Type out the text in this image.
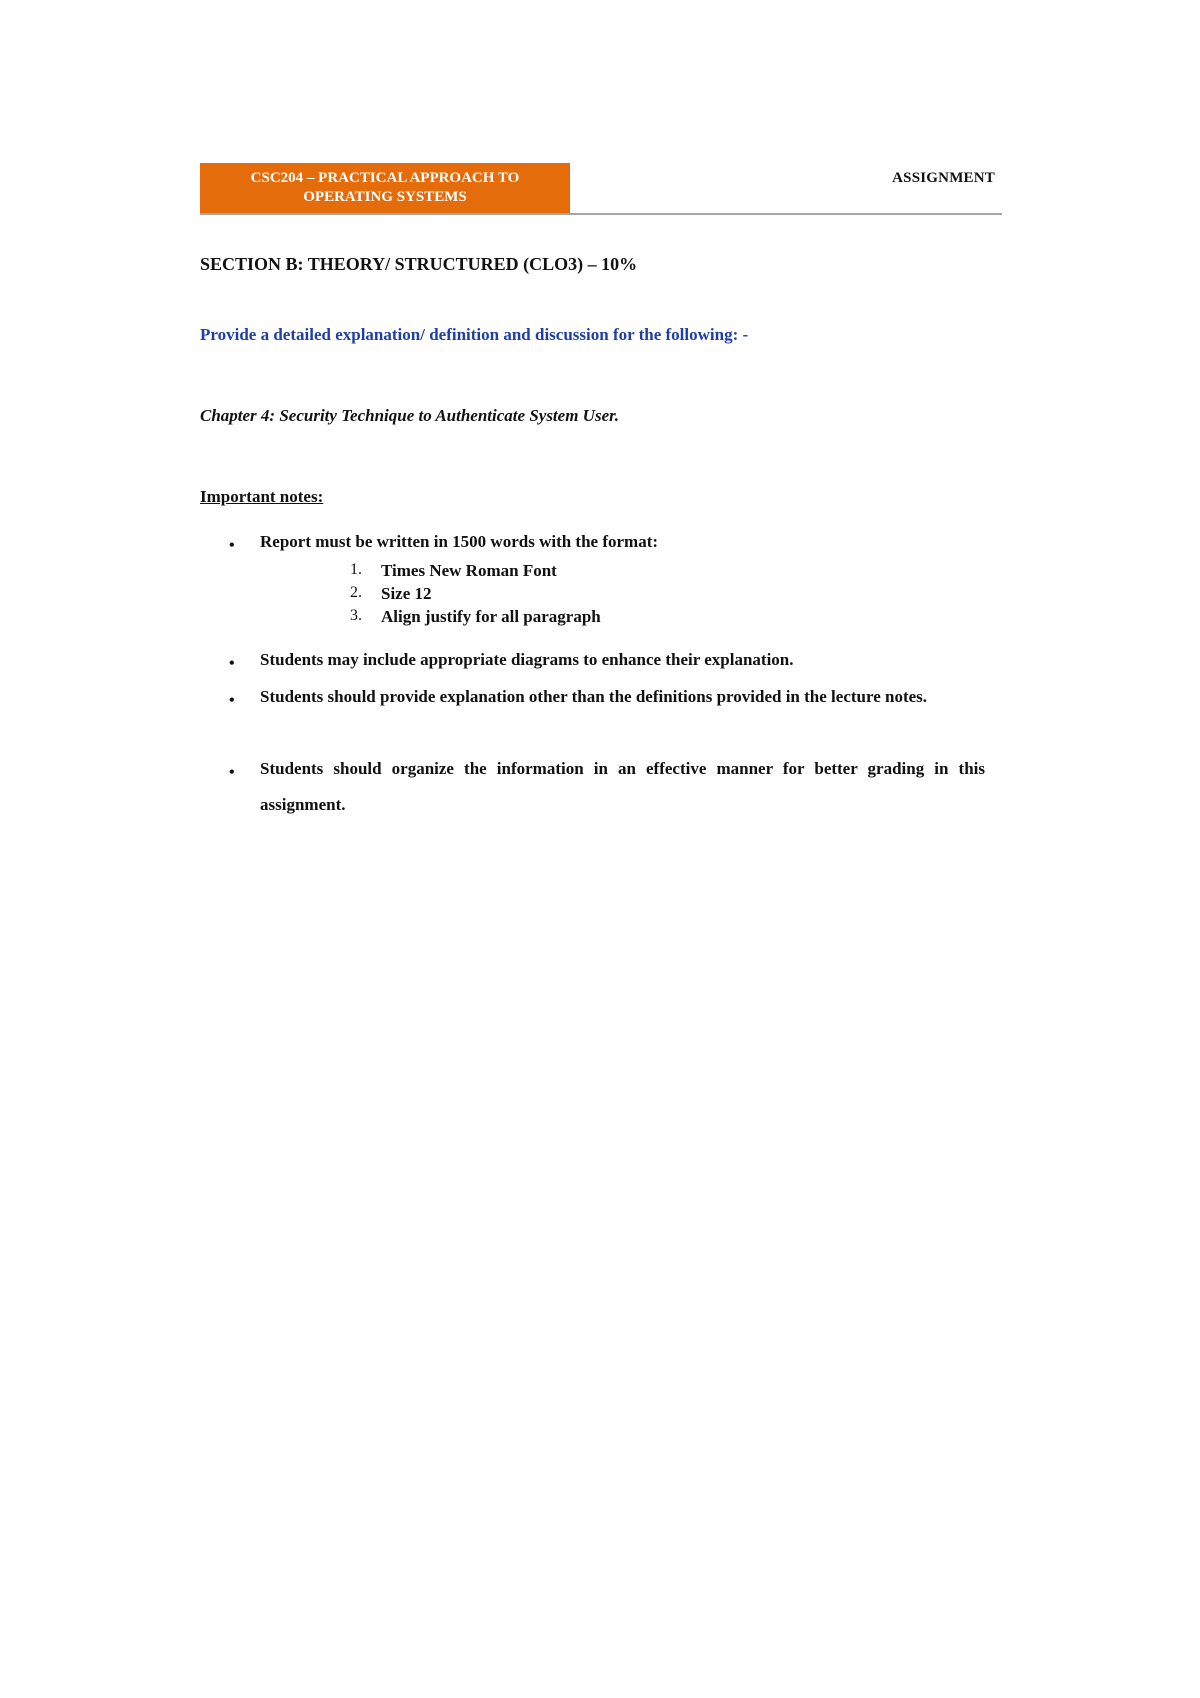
CSC204 – PRACTICAL APPROACH TO
OPERATING SYSTEMS
ASSIGNMENT
SECTION B: THEORY/ STRUCTURED (CLO3) – 10%
Provide a detailed explanation/ definition and discussion for the following: -
Chapter 4: Security Technique to Authenticate System User.
Important notes:
• Report must be written in 1500 words with the format:
1. Times New Roman Font
2. Size 12
3. Align justify for all paragraph
• Students may include appropriate diagrams to enhance their explanation.
• Students should provide explanation other than the definitions provided in the lecture notes.
• Students should organize the information in an effective manner for better grading in this assignment.
